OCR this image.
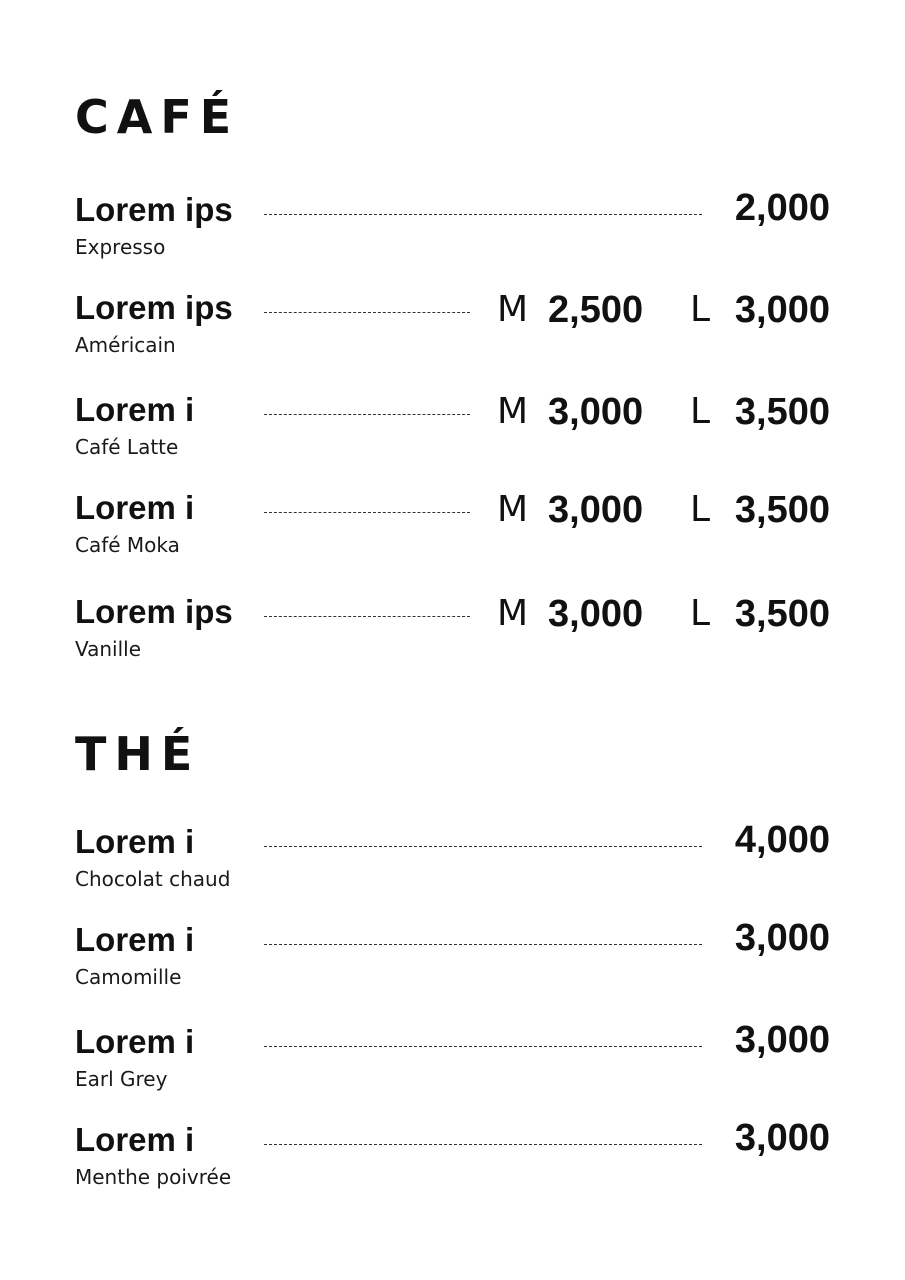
CAFÉ
Lorem ips
Expresso
2,000
Lorem ips
Américain
M 2,500 L 3,000
Lorem i
Café Latte
M 3,000 L 3,500
Lorem i
Café Moka
M 3,000 L 3,500
Lorem ips
Vanille
M 3,000 L 3,500
THÉ
Lorem i
Chocolat chaud
4,000
Lorem i
Camomille
3,000
Lorem i
Earl Grey
3,000
Lorem i
Menthe poivrée
3,000
